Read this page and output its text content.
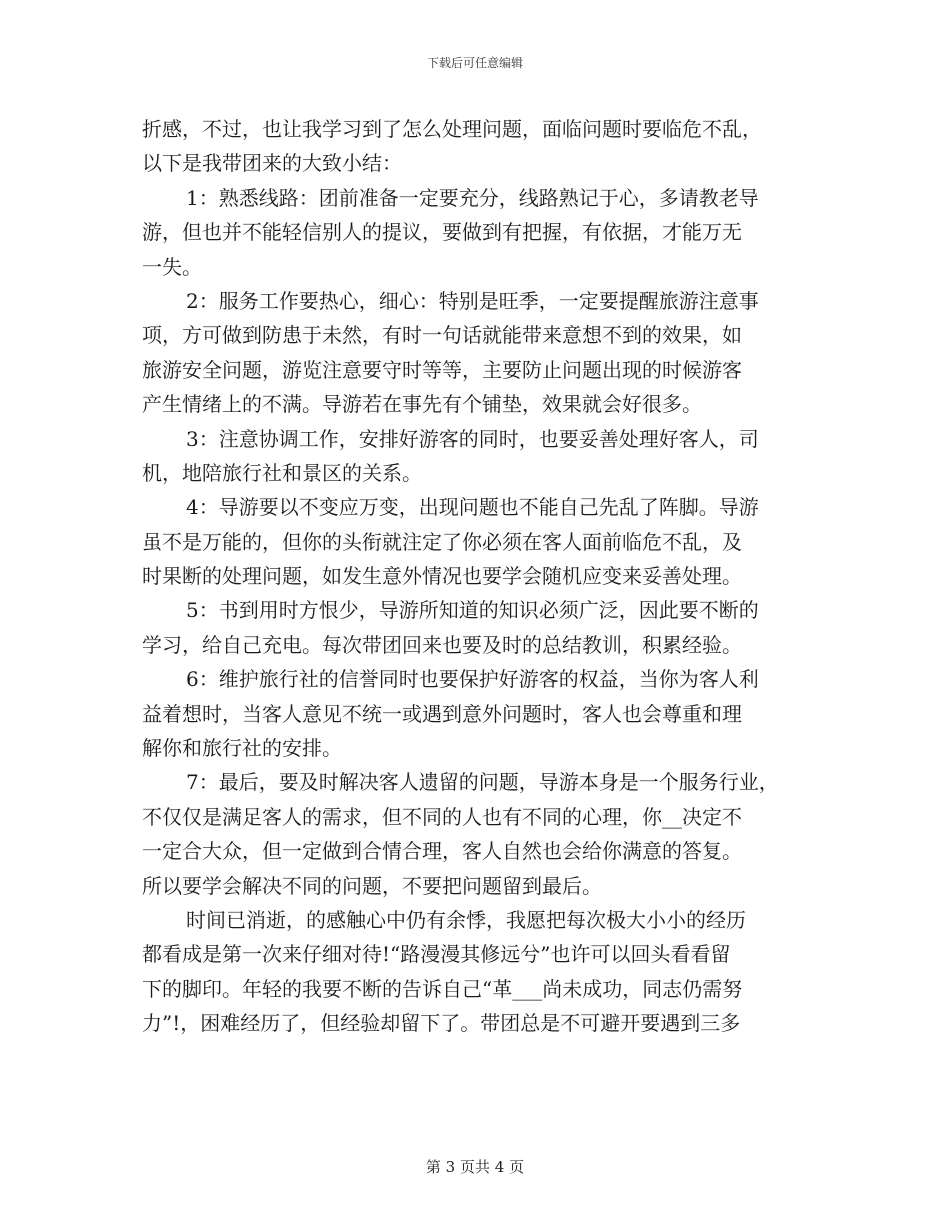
下载后可任意编辑
折感，不过，也让我学习到了怎么处理问题，面临问题时要临危不乱，
以下是我带团来的大致小结：
1：熟悉线路：团前准备一定要充分，线路熟记于心，多请教老导
游，但也并不能轻信别人的提议，要做到有把握，有依据，才能万无
一失。
2：服务工作要热心，细心：特别是旺季，一定要提醒旅游注意事
项，方可做到防患于未然，有时一句话就能带来意想不到的效果，如
旅游安全问题，游览注意要守时等等，主要防止问题出现的时候游客
产生情绪上的不满。导游若在事先有个铺垫，效果就会好很多。
3：注意协调工作，安排好游客的同时，也要妥善处理好客人，司
机，地陪旅行社和景区的关系。
4：导游要以不变应万变，出现问题也不能自己先乱了阵脚。导游
虽不是万能的，但你的头衔就注定了你必须在客人面前临危不乱，及
时果断的处理问题，如发生意外情况也要学会随机应变来妥善处理。
5：书到用时方恨少，导游所知道的知识必须广泛，因此要不断的
学习，给自己充电。每次带团回来也要及时的总结教训，积累经验。
6：维护旅行社的信誉同时也要保护好游客的权益，当你为客人利
益着想时，当客人意见不统一或遇到意外问题时，客人也会尊重和理
解你和旅行社的安排。
7：最后，要及时解决客人遗留的问题，导游本身是一个服务行业，
不仅仅是满足客人的需求，但不同的人也有不同的心理，你__决定不
一定合大众，但一定做到合情合理，客人自然也会给你满意的答复。
所以要学会解决不同的问题，不要把问题留到最后。
时间已消逝，的感触心中仍有余悸，我愿把每次极大小小的经历
都看成是第一次来仔细对待!“路漫漫其修远兮”也许可以回头看看留
下的脚印。年轻的我要不断的告诉自己“革___尚未成功，同志仍需努
力”!，困难经历了，但经验却留下了。带团总是不可避开要遇到三多
第 3 页共 4 页
